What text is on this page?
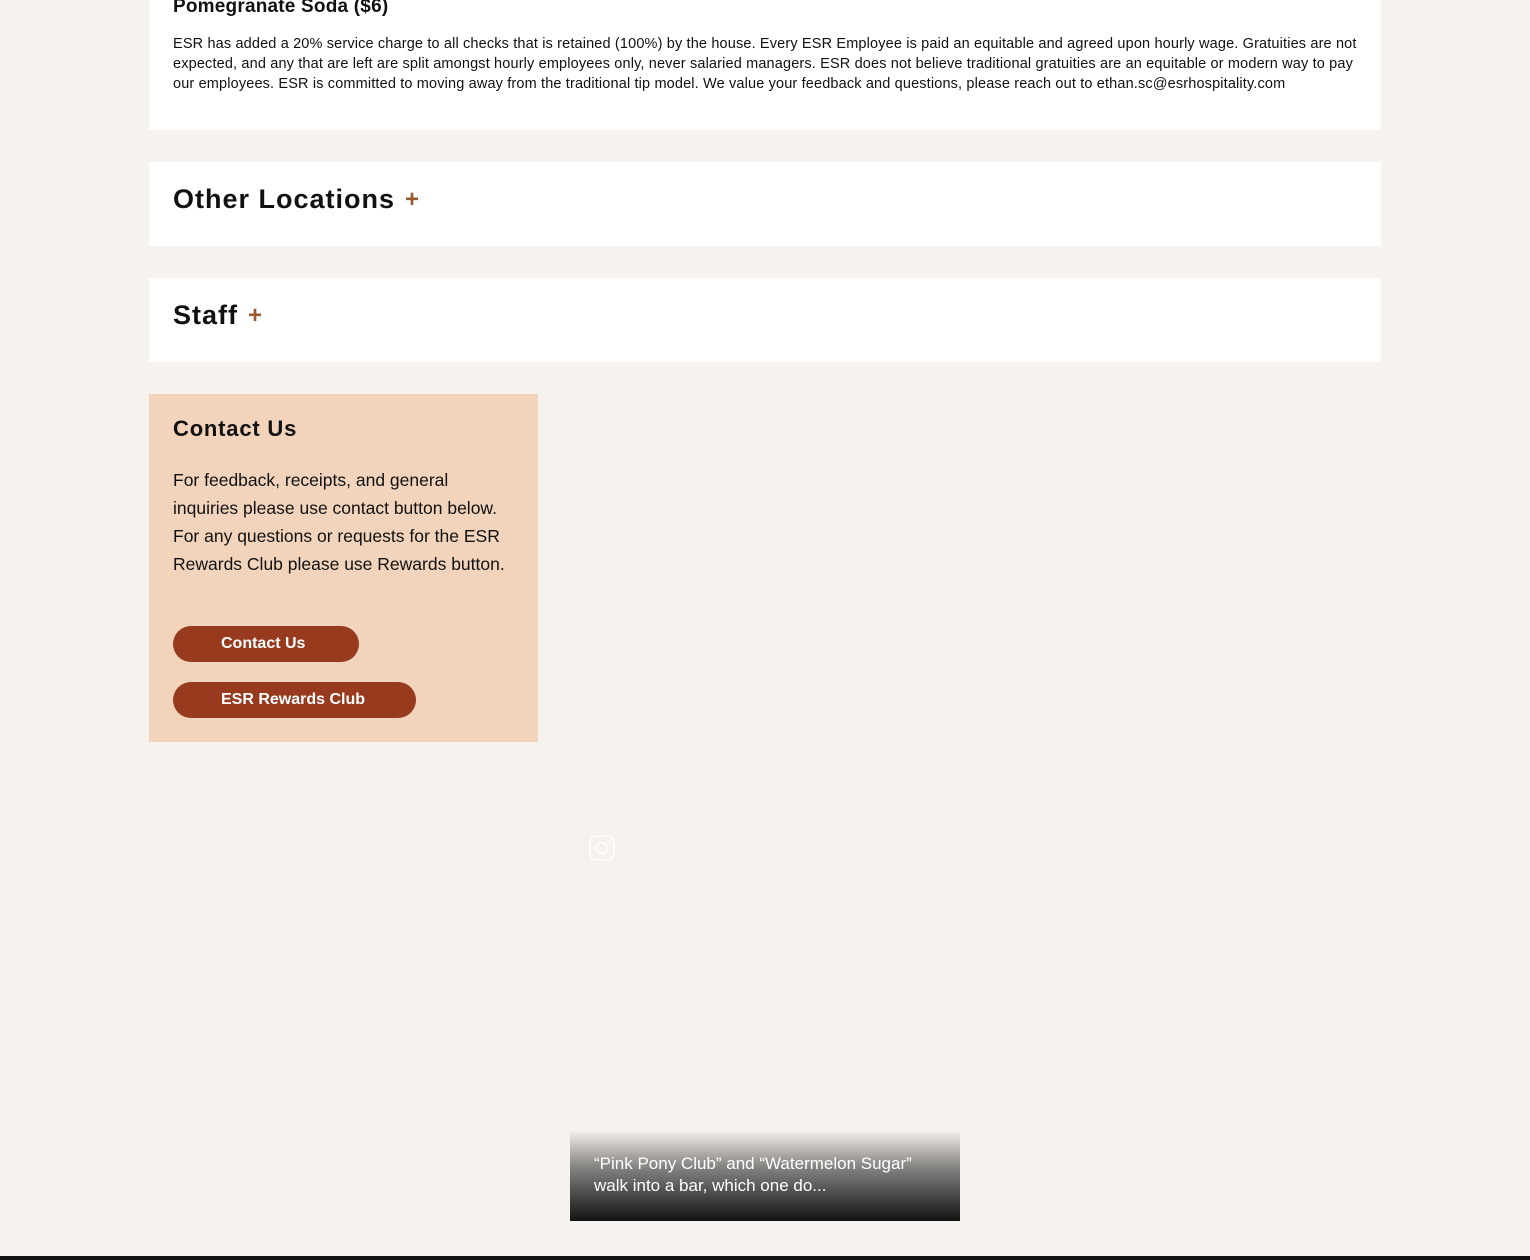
Pomegranate Soda ($6)

ESR has added a 20% service charge to all checks that is retained (100%) by the house. Every ESR Employee is paid an equitable and agreed upon hourly wage. Gratuities are not expected, and any that are left are split amongst hourly employees only, never salaried managers. ESR does not believe traditional gratuities are an equitable or modern way to pay our employees. ESR is committed to moving away from the traditional tip model. We value your feedback and questions, please reach out to ethan.sc@esrhospitality.com

Other Locations +
Staff +
Contact Us

For feedback, receipts, and general inquiries please use contact button below. For any questions or requests for the ESR Rewards Club please use Rewards button.

Contact Us
ESR Rewards Club

“Pink Pony Club” and “Watermelon Sugar” walk into a bar, which one do...
